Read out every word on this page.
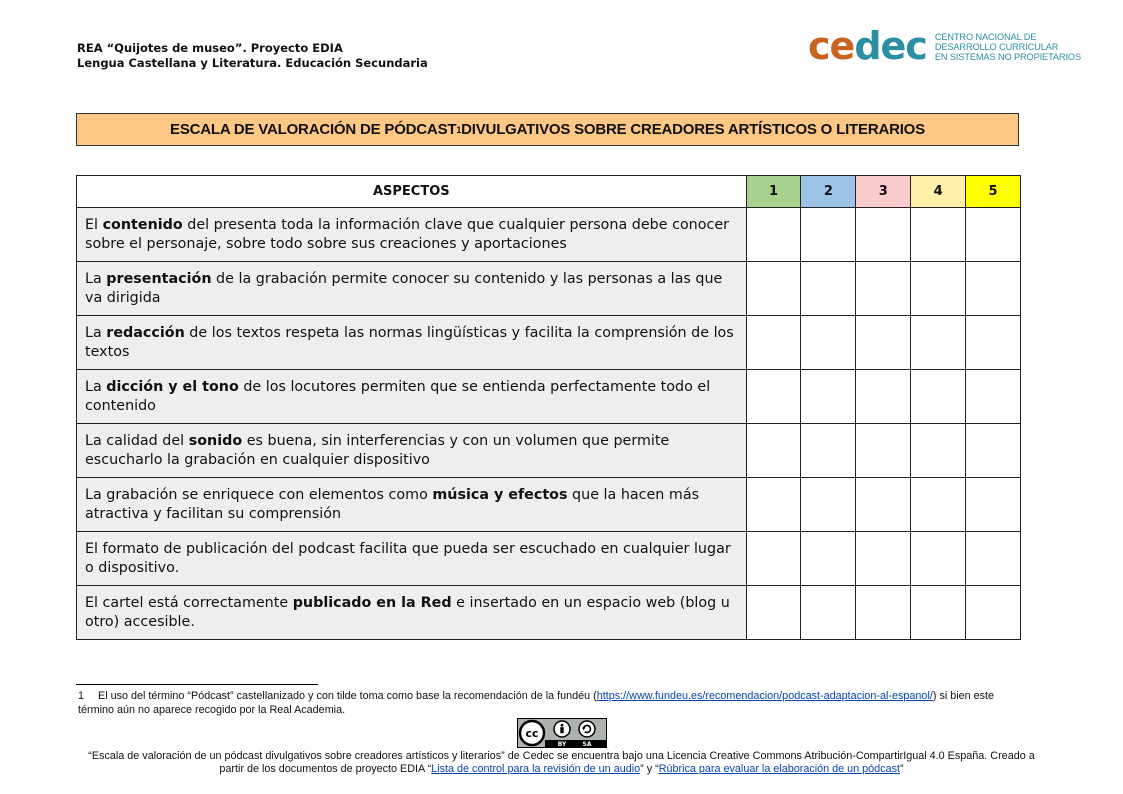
REA “Quijotes de museo”. Proyecto EDIA
Lengua Castellana y Literatura. Educación Secundaria	cedec CENTRO NACIONAL DE
DESARROLLO CURRICULAR
EN SISTEMAS NO PROPIETARIOS
ESCALA DE VALORACIÓN DE PÓDCAST 1 DIVULGATIVOS SOBRE CREADORES ARTÍSTICOS O LITERARIOS
ASPECTOS	1	2	3	4	5
El contenido del presenta toda la información clave que cualquier persona debe conocer sobre el personaje, sobre todo sobre sus creaciones y aportaciones					
La presentación de la grabación permite conocer su contenido y las personas a las que va dirigida					
La redacción de los textos respeta las normas lingüísticas y facilita la comprensión de los textos					
La dicción y el tono de los locutores permiten que se entienda perfectamente todo el contenido					
La calidad del sonido es buena, sin interferencias y con un volumen que permite escucharlo la grabación en cualquier dispositivo					
La grabación se enriquece con elementos como música y efectos que la hacen más atractiva y facilitan su comprensión					
El formato de publicación del podcast facilita que pueda ser escuchado en cualquier lugar o dispositivo.					
El cartel está correctamente publicado en la Red e insertado en un espacio web (blog u otro) accesible.					
1 El uso del término “Pódcast” castellanizado y con tilde toma como base la recomendación de la fundéu (https://www.fundeu.es/recomendacion/podcast-adaptacion-al-espanol/) si bien este término aún no aparece recogido por la Real Academia.
cc
BY	SA
“Escala de valoración de un pódcast divulgativos sobre creadores artísticos y literarios” de Cedec se encuentra bajo una Licencia Creative Commons Atribución-CompartirIgual 4.0 España. Creado a partir de los documentos de proyecto EDIA “Lista de control para la revisión de un audio” y “Rúbrica para evaluar la elaboración de un pódcast”
